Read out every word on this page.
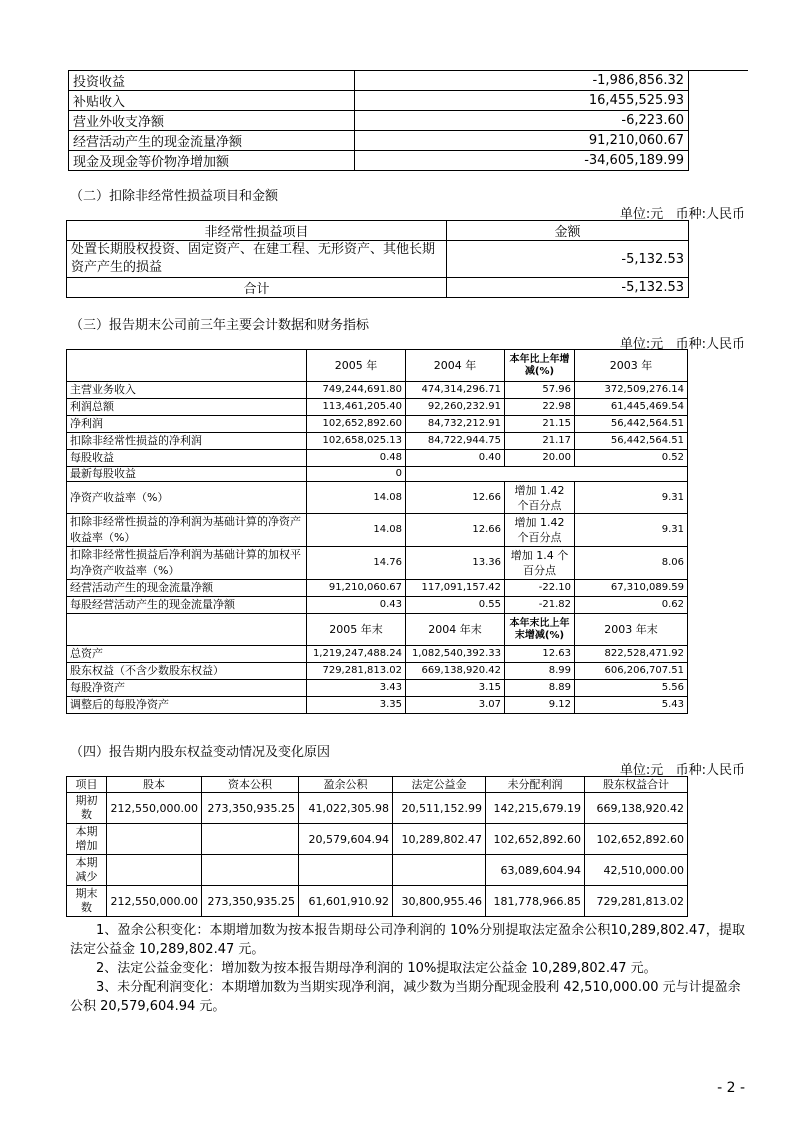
投资收益	-1,986,856.32
补贴收入	16,455,525.93
营业外收支净额	-6,223.60
经营活动产生的现金流量净额	91,210,060.67
现金及现金等价物净增加额	-34,605,189.99
（二）扣除非经常性损益项目和金额
单位:元   币种:人民币
非经常性损益项目	金额
处置长期股权投资、固定资产、在建工程、无形资产、其他长期资产产生的损益	-5,132.53
合计	-5,132.53
（三）报告期末公司前三年主要会计数据和财务指标
单位:元   币种:人民币
	2005 年	2004 年	本年比上年增减(%)	2003 年
主营业务收入	749,244,691.80	474,314,296.71	57.96	372,509,276.14
利润总额	113,461,205.40	92,260,232.91	22.98	61,445,469.54
净利润	102,652,892.60	84,732,212.91	21.15	56,442,564.51
扣除非经常性损益的净利润	102,658,025.13	84,722,944.75	21.17	56,442,564.51
每股收益	0.48	0.40	20.00	0.52
最新每股收益	0			
净资产收益率（%）	14.08	12.66	增加 1.42 个百分点	9.31
扣除非经常性损益的净利润为基础计算的净资产收益率（%）	14.08	12.66	增加 1.42 个百分点	9.31
扣除非经常性损益后净利润为基础计算的加权平均净资产收益率（%）	14.76	13.36	增加 1.4 个百分点	8.06
经营活动产生的现金流量净额	91,210,060.67	117,091,157.42	-22.10	67,310,089.59
每股经营活动产生的现金流量净额	0.43	0.55	-21.82	0.62
	2005 年末	2004 年末	本年末比上年末增减(%)	2003 年末
总资产	1,219,247,488.24	1,082,540,392.33	12.63	822,528,471.92
股东权益（不含少数股东权益）	729,281,813.02	669,138,920.42	8.99	606,206,707.51
每股净资产	3.43	3.15	8.89	5.56
调整后的每股净资产	3.35	3.07	9.12	5.43
（四）报告期内股东权益变动情况及变化原因
单位:元   币种:人民币
项目	股本	资本公积	盈余公积	法定公益金	未分配利润	股东权益合计
期初数	212,550,000.00	273,350,935.25	41,022,305.98	20,511,152.99	142,215,679.19	669,138,920.42
本期增加			20,579,604.94	10,289,802.47	102,652,892.60	102,652,892.60
本期减少					63,089,604.94	42,510,000.00
期末数	212,550,000.00	273,350,935.25	61,601,910.92	30,800,955.46	181,778,966.85	729,281,813.02
1、盈余公积变化：本期增加数为按本报告期母公司净利润的 10%分别提取法定盈余公积10,289,802.47，提取法定公益金 10,289,802.47 元。
2、法定公益金变化：增加数为按本报告期母净利润的 10%提取法定公益金 10,289,802.47 元。
3、未分配利润变化：本期增加数为当期实现净利润，减少数为当期分配现金股利 42,510,000.00 元与计提盈余公积 20,579,604.94 元。
- 2 -
